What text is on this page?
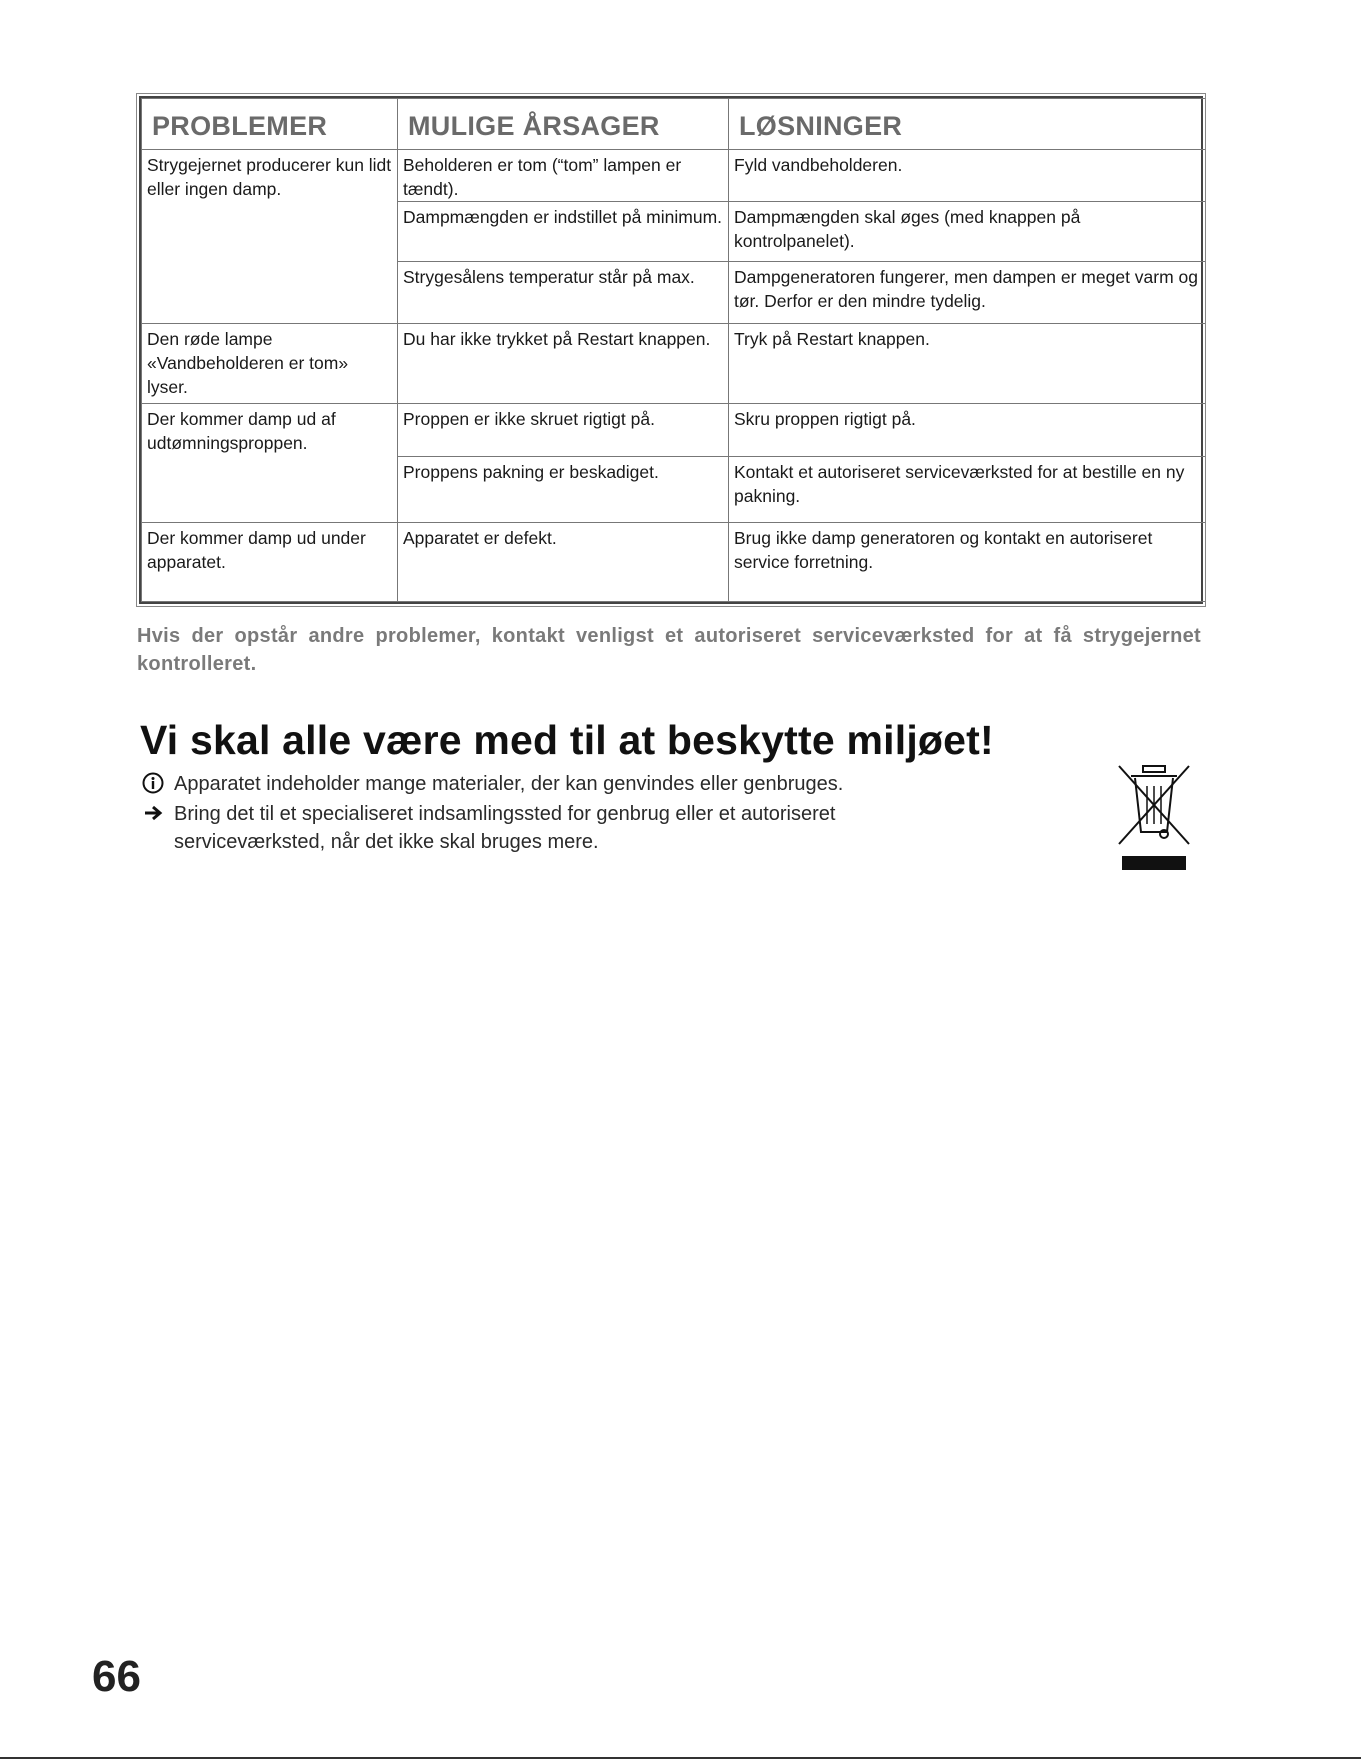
PROBLEMER	MULIGE ÅRSAGER	LØSNINGER
Strygejernet producerer kun lidt eller ingen damp.	Beholderen er tom (“tom” lampen er tændt).	Fyld vandbeholderen.
	Dampmængden er indstillet på minimum.	Dampmængden skal øges (med knappen på kontrolpanelet).
	Strygesålens temperatur står på max.	Dampgeneratoren fungerer, men dampen er meget varm og tør. Derfor er den mindre tydelig.
Den røde lampe «Vandbeholderen er tom» lyser.	Du har ikke trykket på Restart knappen.	Tryk på Restart knappen.
Der kommer damp ud af udtømningsproppen.	Proppen er ikke skruet rigtigt på.	Skru proppen rigtigt på.
	Proppens pakning er beskadiget.	Kontakt et autoriseret serviceværksted for at bestille en ny pakning.
Der kommer damp ud under apparatet.	Apparatet er defekt.	Brug ikke damp generatoren og kontakt en autoriseret service forretning.
Hvis der opstår andre problemer, kontakt venligst et autoriseret serviceværksted for at få strygejernet kontrolleret.
Vi skal alle være med til at beskytte miljøet!
Apparatet indeholder mange materialer, der kan genvindes eller genbruges.
Bring det til et specialiseret indsamlingssted for genbrug eller et autoriseret
serviceværksted, når det ikke skal bruges mere.
66
